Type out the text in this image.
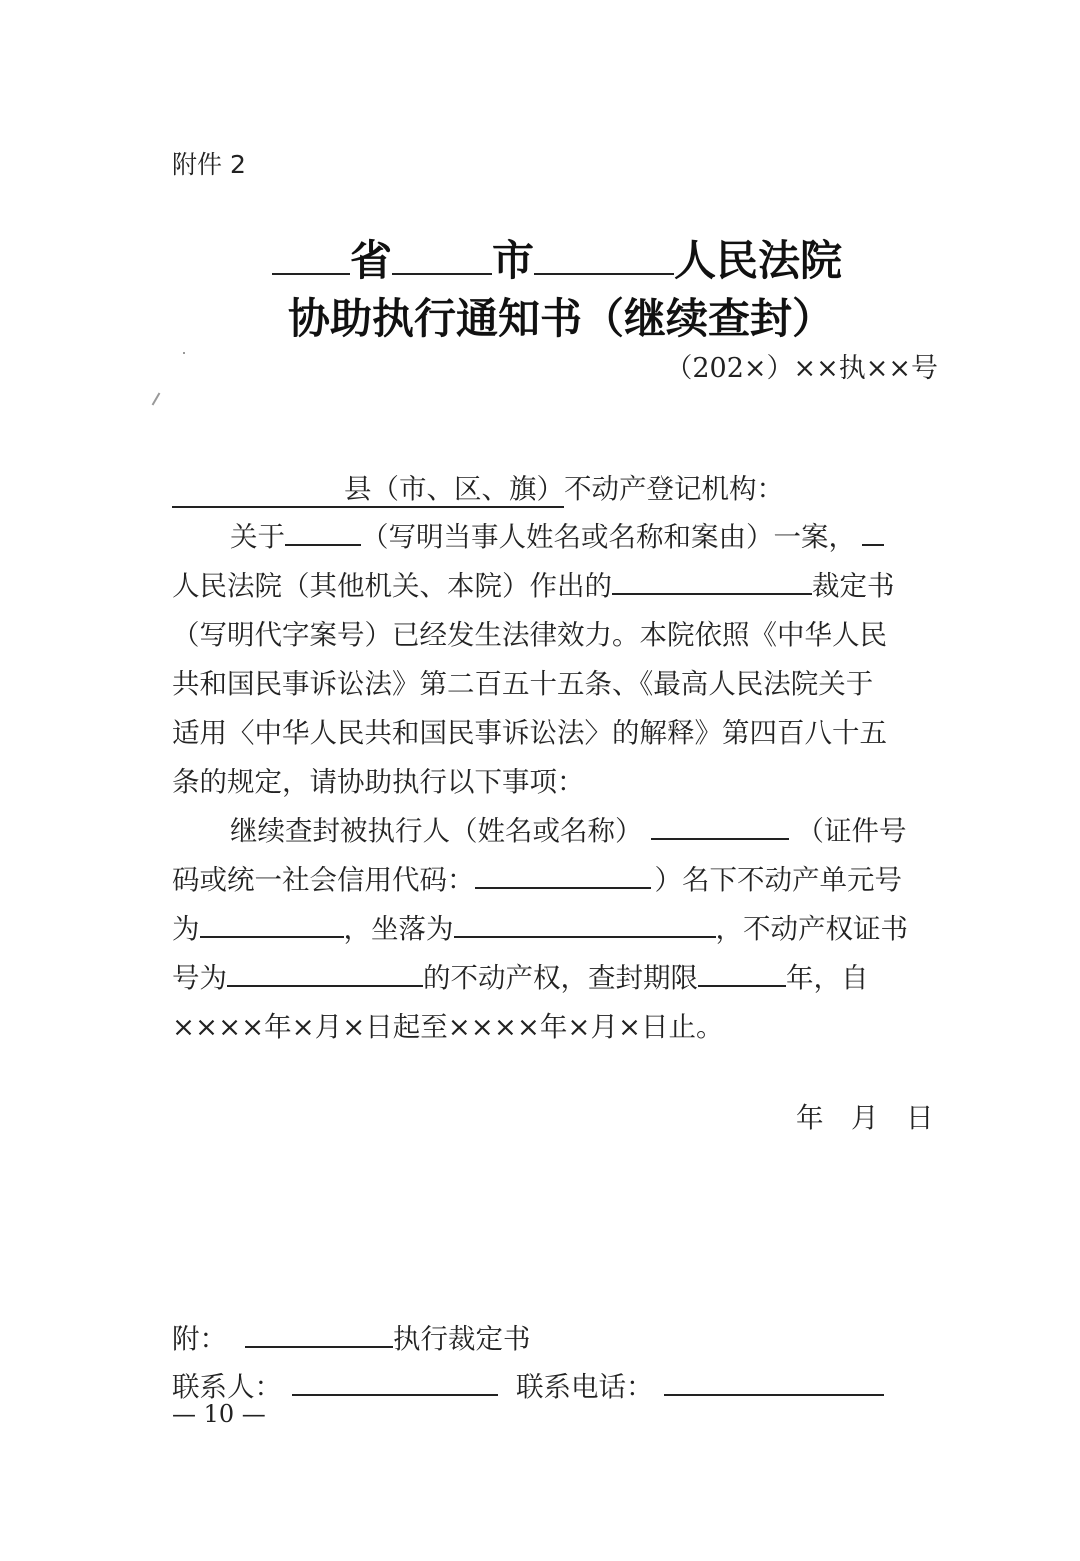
附件 2
省 市	人民法院
协助执行通知书（继续查封）
（202×）××执××号
县（市、区、旗）不动产登记机构：
关于	（写明当事人姓名或名称和案由）一案，
人民法院（其他机关、本院）作出的	裁定书
（写明代字案号）已经发生法律效力。本院依照《中华人民
共和国民事诉讼法》第二百五十五条、《最高人民法院关于
适用〈中华人民共和国民事诉讼法〉的解释》第四百八十五
条的规定，请协助执行以下事项：
继续查封被执行人（姓名或名称）	（证件号
码或统一社会信用代码：	）名下不动产单元号
为	，坐落为	，不动产权证书
号为	的不动产权，查封期限	年，自
××××年×月×日起至××××年×月×日止。
年　月　日
附：	执行裁定书
联系人：	联系电话：
— 10 —
